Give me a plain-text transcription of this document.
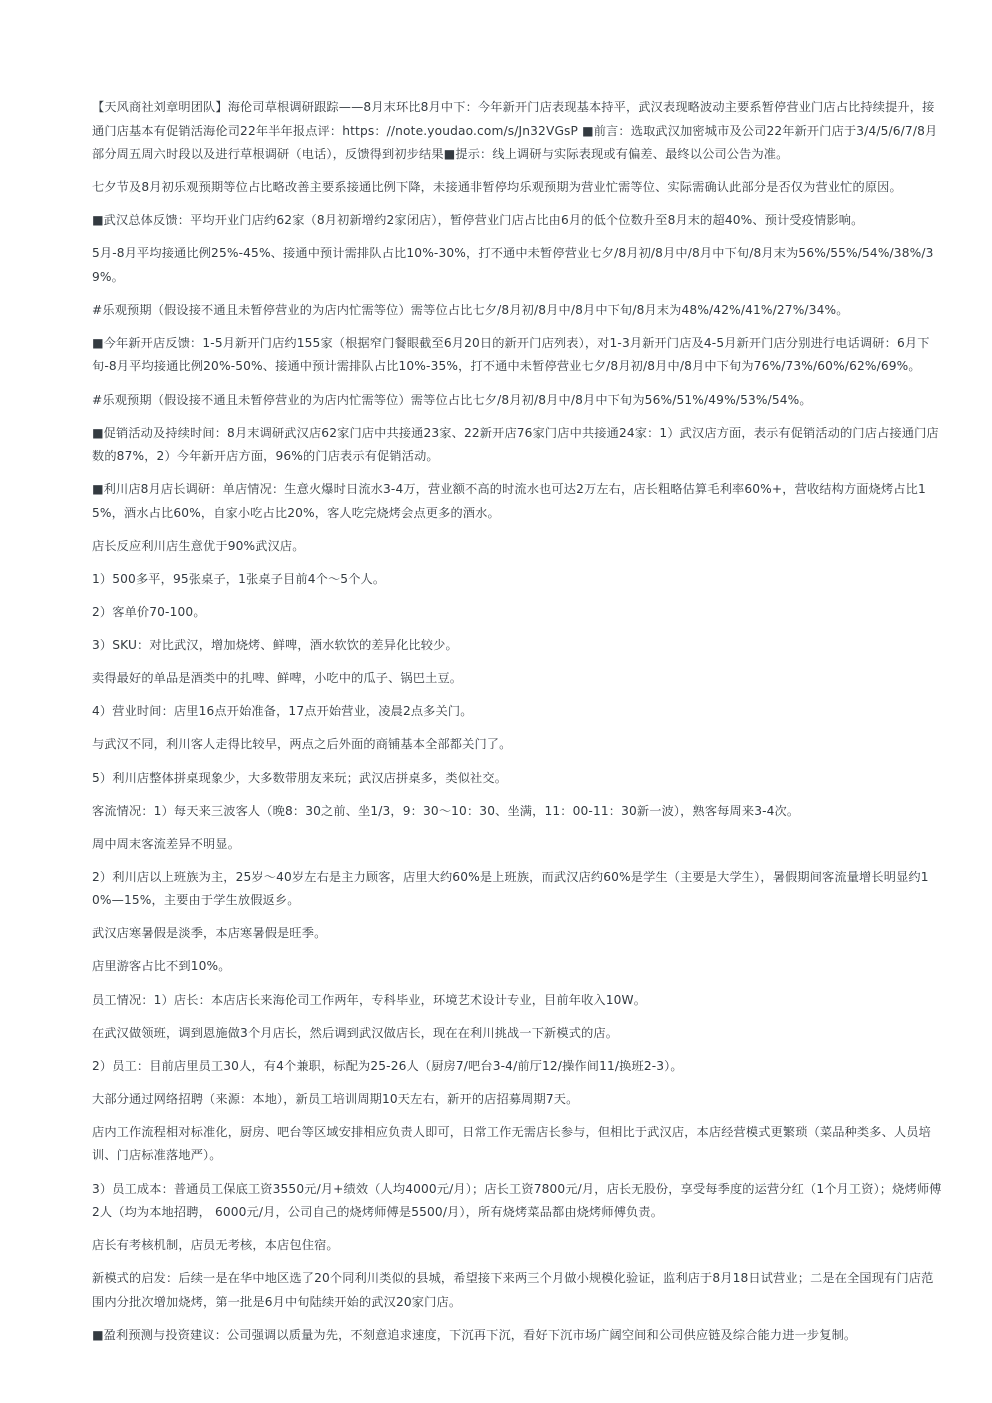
【天风商社刘章明团队】海伦司草根调研跟踪——8月末环比8月中下：今年新开门店表现基本持平，武汉表现略波动主要系暂停营业门店占比持续提升，接通门店基本有促销活海伦司22年半年报点评：https：//note.youdao.com/s/Jn32VGsP ■前言：选取武汉加密城市及公司22年新开门店于3/4/5/6/7/8月部分周五周六时段以及进行草根调研（电话），反馈得到初步结果■提示：线上调研与实际表现或有偏差、最终以公司公告为准。

七夕节及8月初乐观预期等位占比略改善主要系接通比例下降，未接通非暂停均乐观预期为营业忙需等位、实际需确认此部分是否仅为营业忙的原因。

■武汉总体反馈：平均开业门店约62家（8月初新增约2家闭店），暂停营业门店占比由6月的低个位数升至8月末的超40%、预计受疫情影响。

5月-8月平均接通比例25%-45%、接通中预计需排队占比10%-30%，打不通中未暂停营业七夕/8月初/8月中/8月中下旬/8月末为56%/55%/54%/38%/39%。

#乐观预期（假设接不通且未暂停营业的为店内忙需等位）需等位占比七夕/8月初/8月中/8月中下旬/8月末为48%/42%/41%/27%/34%。

■今年新开店反馈：1-5月新开门店约155家（根据窄门餐眼截至6月20日的新开门店列表），对1-3月新开门店及4-5月新开门店分别进行电话调研：6月下旬-8月平均接通比例20%-50%、接通中预计需排队占比10%-35%，打不通中未暂停营业七夕/8月初/8月中/8月中下旬为76%/73%/60%/62%/69%。

#乐观预期（假设接不通且未暂停营业的为店内忙需等位）需等位占比七夕/8月初/8月中/8月中下旬为56%/51%/49%/53%/54%。

■促销活动及持续时间：8月末调研武汉店62家门店中共接通23家、22新开店76家门店中共接通24家：1）武汉店方面，表示有促销活动的门店占接通门店数的87%，2）今年新开店方面，96%的门店表示有促销活动。

■利川店8月店长调研：单店情况：生意火爆时日流水3-4万，营业额不高的时流水也可达2万左右，店长粗略估算毛利率60%+，营收结构方面烧烤占比15%，酒水占比60%，自家小吃占比20%，客人吃完烧烤会点更多的酒水。

店长反应利川店生意优于90%武汉店。

1）500多平，95张桌子，1张桌子目前4个～5个人。

2）客单价70-100。

3）SKU：对比武汉，增加烧烤、鲜啤，酒水软饮的差异化比较少。

卖得最好的单品是酒类中的扎啤、鲜啤，小吃中的瓜子、锅巴土豆。

4）营业时间：店里16点开始准备，17点开始营业，凌晨2点多关门。

与武汉不同，利川客人走得比较早，两点之后外面的商铺基本全部都关门了。

5）利川店整体拼桌现象少，大多数带朋友来玩；武汉店拼桌多，类似社交。

客流情况：1）每天来三波客人（晚8：30之前、坐1/3，9：30～10：30、坐满，11：00-11：30新一波），熟客每周来3-4次。

周中周末客流差异不明显。

2）利川店以上班族为主，25岁～40岁左右是主力顾客，店里大约60%是上班族，而武汉店约60%是学生（主要是大学生），暑假期间客流量增长明显约10%—15%，主要由于学生放假返乡。

武汉店寒暑假是淡季，本店寒暑假是旺季。

店里游客占比不到10%。

员工情况：1）店长：本店店长来海伦司工作两年，专科毕业，环境艺术设计专业，目前年收入10W。

在武汉做领班，调到恩施做3个月店长，然后调到武汉做店长，现在在利川挑战一下新模式的店。

2）员工：目前店里员工30人，有4个兼职，标配为25-26人（厨房7/吧台3-4/前厅12/操作间11/换班2-3）。

大部分通过网络招聘（来源：本地），新员工培训周期10天左右，新开的店招募周期7天。

店内工作流程相对标准化，厨房、吧台等区域安排相应负责人即可，日常工作无需店长参与，但相比于武汉店，本店经营模式更繁琐（菜品种类多、人员培训、门店标准落地严）。

3）员工成本：普通员工保底工资3550元/月+绩效（人均4000元/月）；店长工资7800元/月，店长无股份，享受每季度的运营分红（1个月工资）；烧烤师傅2人（均为本地招聘， 6000元/月，公司自己的烧烤师傅是5500/月），所有烧烤菜品都由烧烤师傅负责。

店长有考核机制，店员无考核，本店包住宿。

新模式的启发：后续一是在华中地区选了20个同利川类似的县城，希望接下来两三个月做小规模化验证，监利店于8月18日试营业；二是在全国现有门店范围内分批次增加烧烤，第一批是6月中旬陆续开始的武汉20家门店。

■盈利预测与投资建议：公司强调以质量为先，不刻意追求速度，下沉再下沉，看好下沉市场广阔空间和公司供应链及综合能力进一步复制。
